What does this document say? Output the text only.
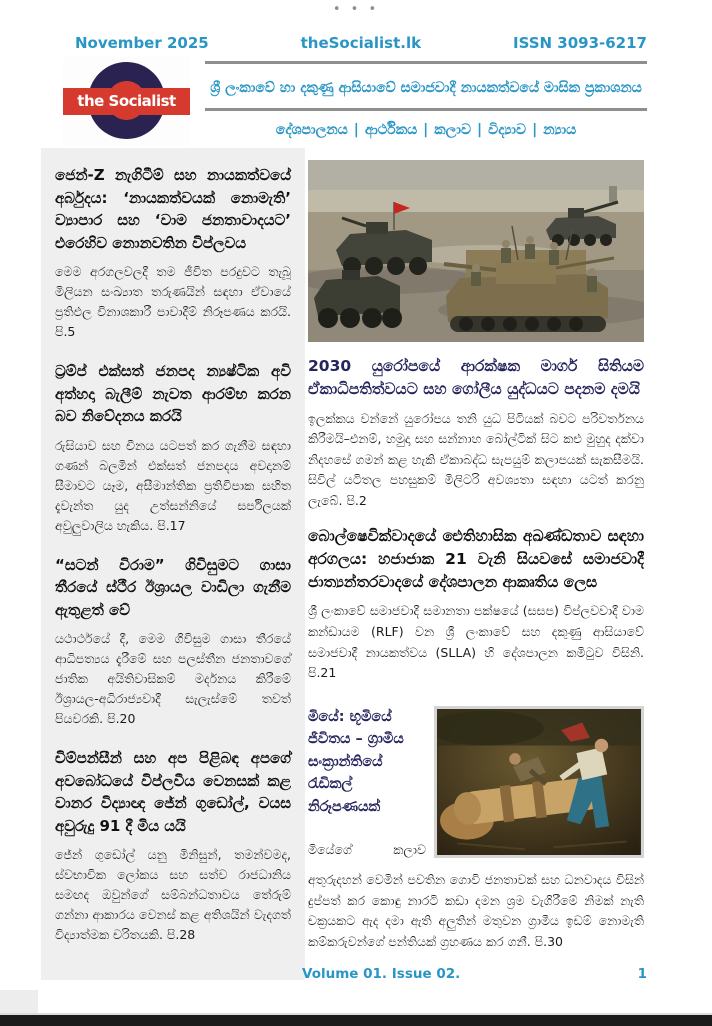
• • •
November 2025	theSocialist.lk	ISSN 3093-6217
the Socialist
ශ්‍රී ලංකාවේ හා දකුණු ආසියාවේ සමාජවාදී නායකත්වයේ මාසික ප්‍රකාශනය
දේශපාලනය | ආර්ථිකය | කලාව | විද්‍යාව | න්‍යාය
ජෙන්-Z නැගිටීම් සහ නායකත්වයේ අර්බුදය: ‘නායකත්වයක් නොමැති’ ව්‍යාපාර සහ ‘වාම ජනතාවාදයට’ එරෙහිව නොනවතින විප්ලවය

මෙම අරගලවලදී තම ජීවිත පරදුවට තැබූ මිලියන සංඛ්‍යාත තරුණයින් සඳහා ඒවායේ ප්‍රතිඵල විනාශකාරී පාවාදීම් නිරූපණය කරයි. පි.5

ට්‍රම්ප් එක්සත් ජනපද න්‍යෂ්ටික අවි අත්හදා බැලීම් නැවත ආරම්භ කරන බව නිවේදනය කරයි

රුසියාව සහ චීනය යටපත් කර ගැනීම සඳහා ගණන් බලමින් එක්සත් ජනපදය අවදානම් සීමාවට යෑම, අසීමාන්තික ප්‍රතිවිපාක සහිත දැවැන්ත යුද උත්සන්නියේ සර්පිලයක් අවුලුවාලිය හැකිය. පි.17

“සටන් විරාම” ගිවිසුමට ගාසා තීරයේ ස්ථීර ඊශ්‍රායල වාඩිලා ගැනීම ඇතුළත් වේ

යථාර්ථයේ දී, මෙම ගිවිසුම ගාසා තීරයේ ආධිපත්‍යය දැරීමේ සහ පලස්තීන ජනතාවගේ ජාතික අයිතිවාසිකම් මර්දනය කිරීමේ ඊශ්‍රායල-අධිරාජ්‍යවාදී සැලැස්මේ තවත් පියවරකි. පි.20

චිම්පන්සීන් සහ අප පිළිබඳ අපගේ අවබෝධයේ විප්ලවීය වෙනසක් කළ වානර විද්‍යාඥ ජේන් ගුඩෝල්, වයස අවුරුදු 91 දී මිය යයි

ජේන් ගුඩෝල් යනු මිනිසුන්, තමන්වමද, ස්වභාවික ලෝකය සහ සත්ව රාජධානිය සමඟද ඔවුන්ගේ සම්බන්ධතාවය තේරුම් ගන්නා ආකාරය වෙනස් කළ අතිශයින් වැදගත් විද්‍යාත්මක චරිතයකි. පි.28

2030 යුරෝපයේ ආරක්ෂක මාර්ග සිතියම ඒකාධිපතිත්වයට සහ ගෝලීය යුද්ධයට පදනම දමයි

ඉලක්කය වන්නේ යුරෝපය තනි යුධ පිටියක් බවට පරිවර්තනය කිරීමයි–එනම්, හමුදා සහ සන්නාහ බෝල්ටික් සිට කළු මුහුද දක්වා නිදහසේ ගමන් කළ හැකි ඒකාබද්ධ සැපයුම් කලාපයක් සැකසීමයි. සිවිල් යටිතල පහසුකම් මිලිටරි අවශ්‍යතා සඳහා යටත් කරනු ලැබේ. පි.2

බොල්ෂෙවික්වාදයේ ඓතිහාසික අඛණ්ඩතාව සඳහා අරගලය: හජාජාක 21 වැනි සියවසේ සමාජවාදී ජාත්‍යන්තරවාදයේ දේශපාලන ආකෘතිය ලෙස

ශ්‍රී ලංකාවේ සමාජවාදී සමානතා පක්ෂයේ (සසප) විප්ලවවාදී වාම කන්ඩායම (RLF) වන ශ්‍රී ලංකාවේ සහ දකුණු ආසියාවේ සමාජවාදී නායකත්වය (SLLA) හි දේශපාලන කමිටුව විසිනි. පි.21

මියේ: භූමියේ ජීවිතය – ග්‍රාමීය සංක්‍රාන්තියේ රැඩිකල් නිරූපණයක්

මියේගේ කලාව

අතුරුදහන් වෙමින් පවතින ගොවි ජනතාවක් සහ ධනවාදය විසින් දුප්පත් කර කොඳු නාරටි කඩා දමන ශ්‍රම වැගිරීමේ නිමක් නැති චක්‍රයකට ඇද දමා ඇති අලුතින් මතුවන ග්‍රාමීය ඉඩම් නොමැති කම්කරුවන්ගේ පන්තියක් ග්‍රහණය කර ගනී. පි.30

Volume 01. Issue 02.	1
